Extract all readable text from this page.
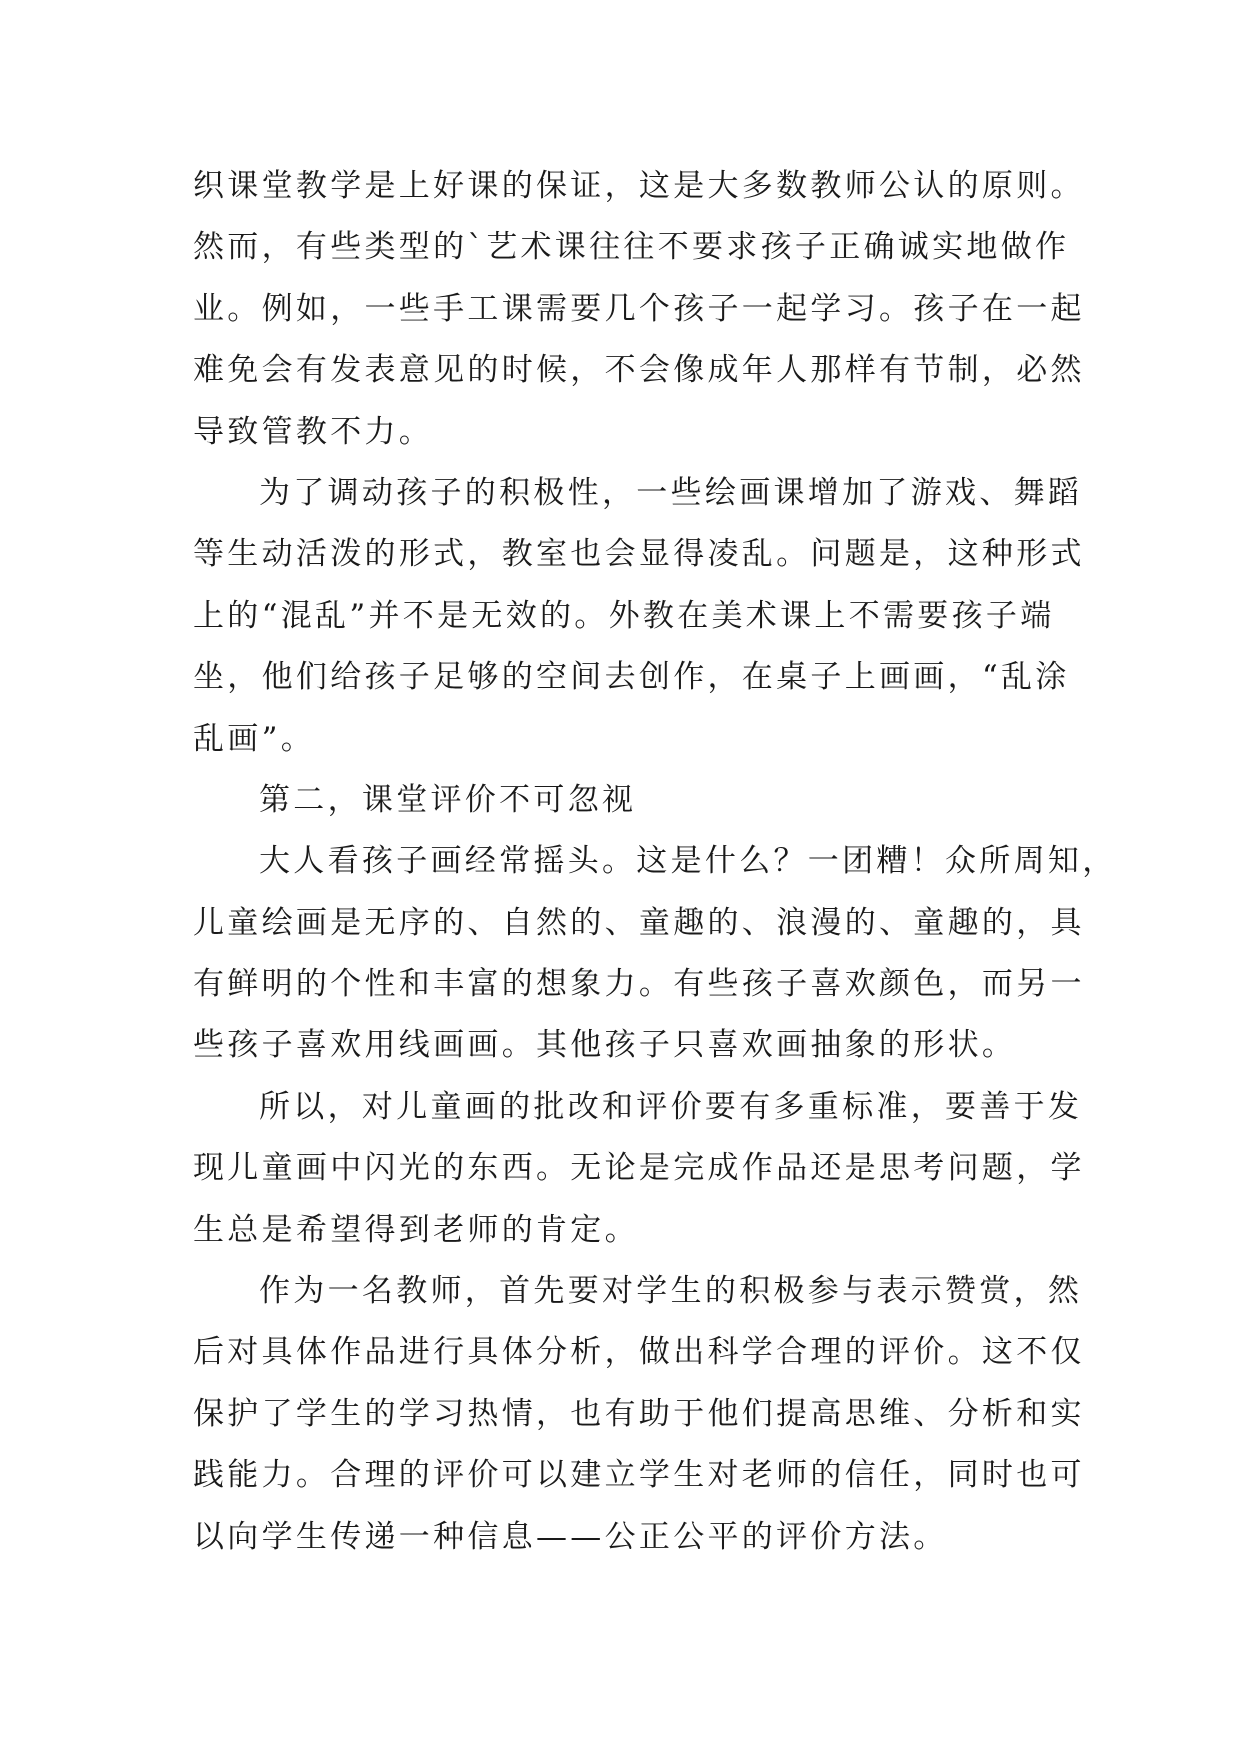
织课堂教学是上好课的保证，这是大多数教师公认的原则。
然而，有些类型的`艺术课往往不要求孩子正确诚实地做作
业。例如，一些手工课需要几个孩子一起学习。孩子在一起
难免会有发表意见的时候，不会像成年人那样有节制，必然
导致管教不力。
为了调动孩子的积极性，一些绘画课增加了游戏、舞蹈
等生动活泼的形式，教室也会显得凌乱。问题是，这种形式
上的“混乱”并不是无效的。外教在美术课上不需要孩子端
坐，他们给孩子足够的空间去创作，在桌子上画画，“乱涂
乱画”。
第二，课堂评价不可忽视
大人看孩子画经常摇头。这是什么？一团糟！众所周知，
儿童绘画是无序的、自然的、童趣的、浪漫的、童趣的，具
有鲜明的个性和丰富的想象力。有些孩子喜欢颜色，而另一
些孩子喜欢用线画画。其他孩子只喜欢画抽象的形状。
所以，对儿童画的批改和评价要有多重标准，要善于发
现儿童画中闪光的东西。无论是完成作品还是思考问题，学
生总是希望得到老师的肯定。
作为一名教师，首先要对学生的积极参与表示赞赏，然
后对具体作品进行具体分析，做出科学合理的评价。这不仅
保护了学生的学习热情，也有助于他们提高思维、分析和实
践能力。合理的评价可以建立学生对老师的信任，同时也可
以向学生传递一种信息——公正公平的评价方法。
